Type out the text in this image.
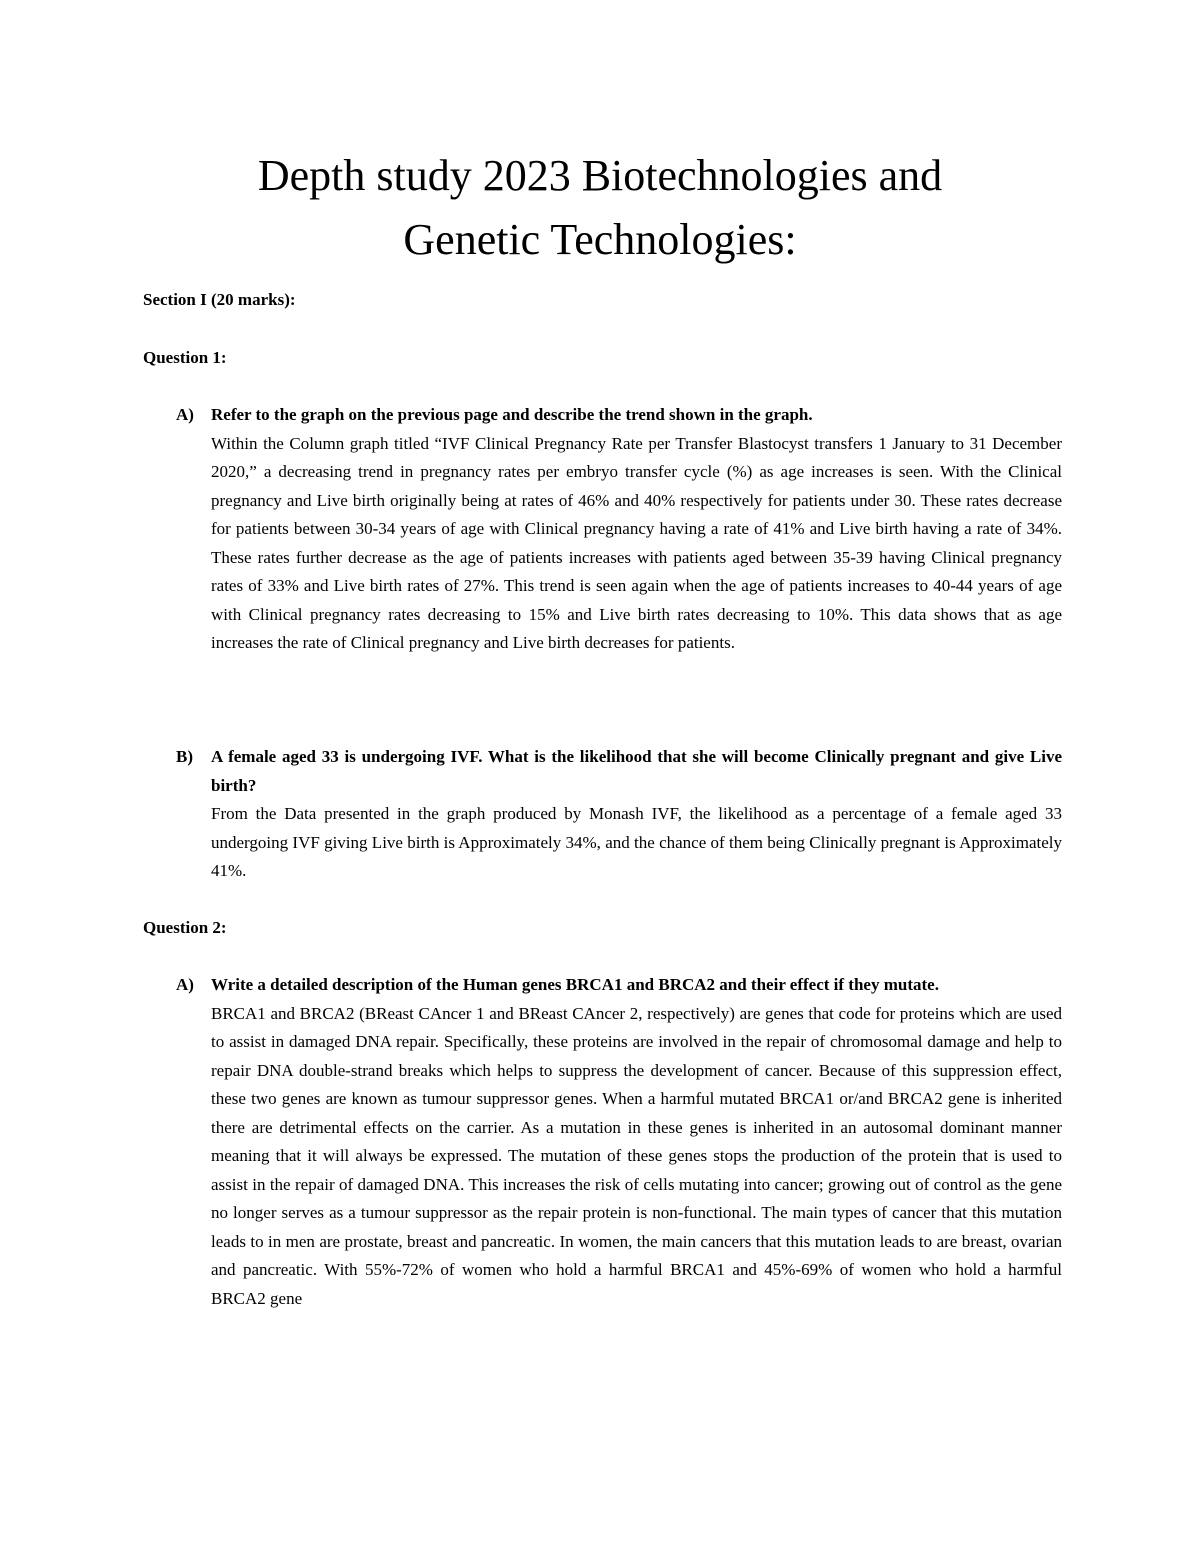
Depth study 2023 Biotechnologies and
Genetic Technologies:
Section I (20 marks):
Question 1:
A) Refer to the graph on the previous page and describe the trend shown in the graph.
Within the Column graph titled “IVF Clinical Pregnancy Rate per Transfer Blastocyst transfers 1 January to 31 December 2020,” a decreasing trend in pregnancy rates per embryo transfer cycle (%) as age increases is seen. With the Clinical pregnancy and Live birth originally being at rates of 46% and 40% respectively for patients under 30. These rates decrease for patients between 30-34 years of age with Clinical pregnancy having a rate of 41% and Live birth having a rate of 34%. These rates further decrease as the age of patients increases with patients aged between 35-39 having Clinical pregnancy rates of 33% and Live birth rates of 27%. This trend is seen again when the age of patients increases to 40-44 years of age with Clinical pregnancy rates decreasing to 15% and Live birth rates decreasing to 10%. This data shows that as age increases the rate of Clinical pregnancy and Live birth decreases for patients.
B) A female aged 33 is undergoing IVF. What is the likelihood that she will become Clinically pregnant and give Live birth?
From the Data presented in the graph produced by Monash IVF, the likelihood as a percentage of a female aged 33 undergoing IVF giving Live birth is Approximately 34%, and the chance of them being Clinically pregnant is Approximately 41%.
Question 2:
A) Write a detailed description of the Human genes BRCA1 and BRCA2 and their effect if they mutate.
BRCA1 and BRCA2 (BReast CAncer 1 and BReast CAncer 2, respectively) are genes that code for proteins which are used to assist in damaged DNA repair. Specifically, these proteins are involved in the repair of chromosomal damage and help to repair DNA double-strand breaks which helps to suppress the development of cancer. Because of this suppression effect, these two genes are known as tumour suppressor genes. When a harmful mutated BRCA1 or/and BRCA2 gene is inherited there are detrimental effects on the carrier. As a mutation in these genes is inherited in an autosomal dominant manner meaning that it will always be expressed. The mutation of these genes stops the production of the protein that is used to assist in the repair of damaged DNA. This increases the risk of cells mutating into cancer; growing out of control as the gene no longer serves as a tumour suppressor as the repair protein is non-functional. The main types of cancer that this mutation leads to in men are prostate, breast and pancreatic. In women, the main cancers that this mutation leads to are breast, ovarian and pancreatic. With 55%-72% of women who hold a harmful BRCA1 and 45%-69% of women who hold a harmful BRCA2 gene
